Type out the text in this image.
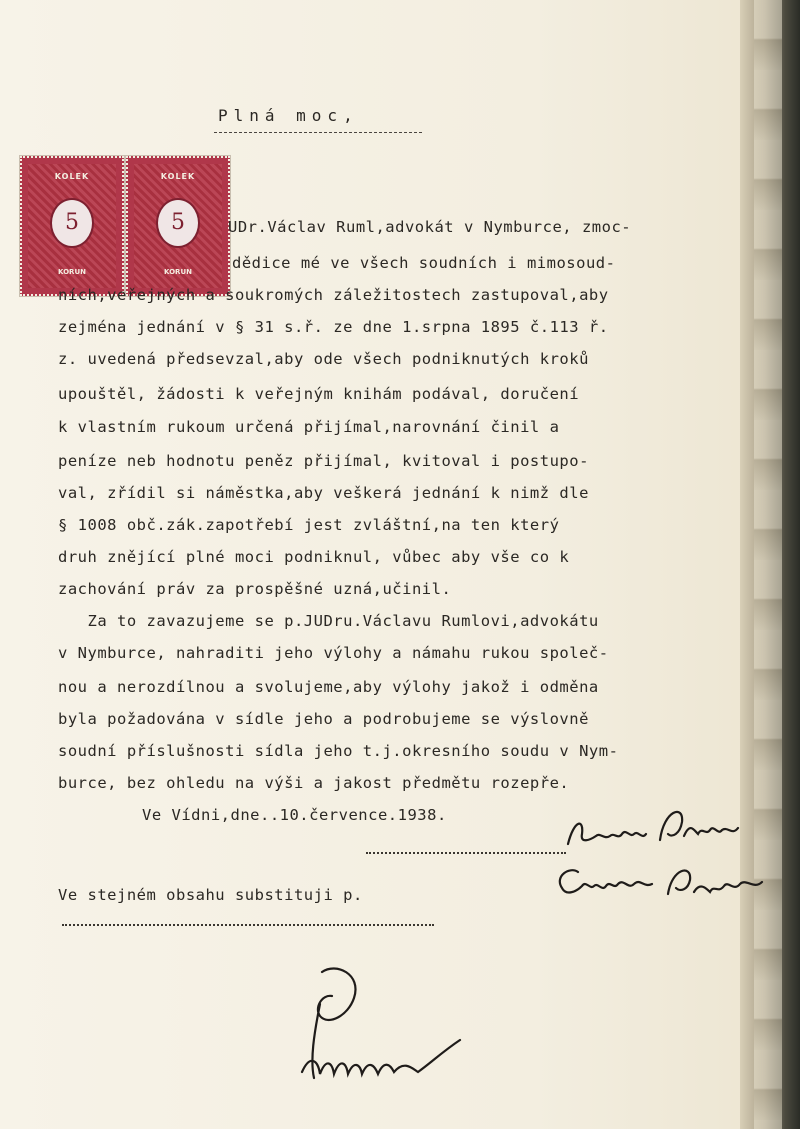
Plná moc,
KOLEK
5
KORUN
KOLEK
5
KORUN
UDr.Václav Ruml,advokát v Nymburce, zmoc-
dědice mé ve všech soudních i mimosoud-
ních,veřejných a soukromých záležitostech zastupoval,aby
zejména jednání v § 31 s.ř. ze dne 1.srpna 1895 č.113 ř.
z. uvedená předsevzal,aby ode všech podniknutých kroků
upouštěl, žádosti k veřejným knihám podával, doručení
k vlastním rukoum určená přijímal,narovnání činil a
peníze neb hodnotu peněz přijímal, kvitoval i postupo-
val, zřídil si náměstka,aby veškerá jednání k nimž dle
§ 1008 obč.zák.zapotřebí jest zvláštní,na ten který
druh znějící plné moci podniknul, vůbec aby vše co k
zachování práv za prospěšné uzná,učinil.
Za to zavazujeme se p.JUDru.Václavu Rumlovi,advokátu
v Nymburce, nahraditi jeho výlohy a námahu rukou společ-
nou a nerozdílnou a svolujeme,aby výlohy jakož i odměna
byla požadována v sídle jeho a podrobujeme se výslovně
soudní příslušnosti sídla jeho t.j.okresního soudu v Nym-
burce, bez ohledu na výši a jakost předmětu rozepře.
Ve Vídni,dne..10.července.1938.
Ve stejném obsahu substituji p.
